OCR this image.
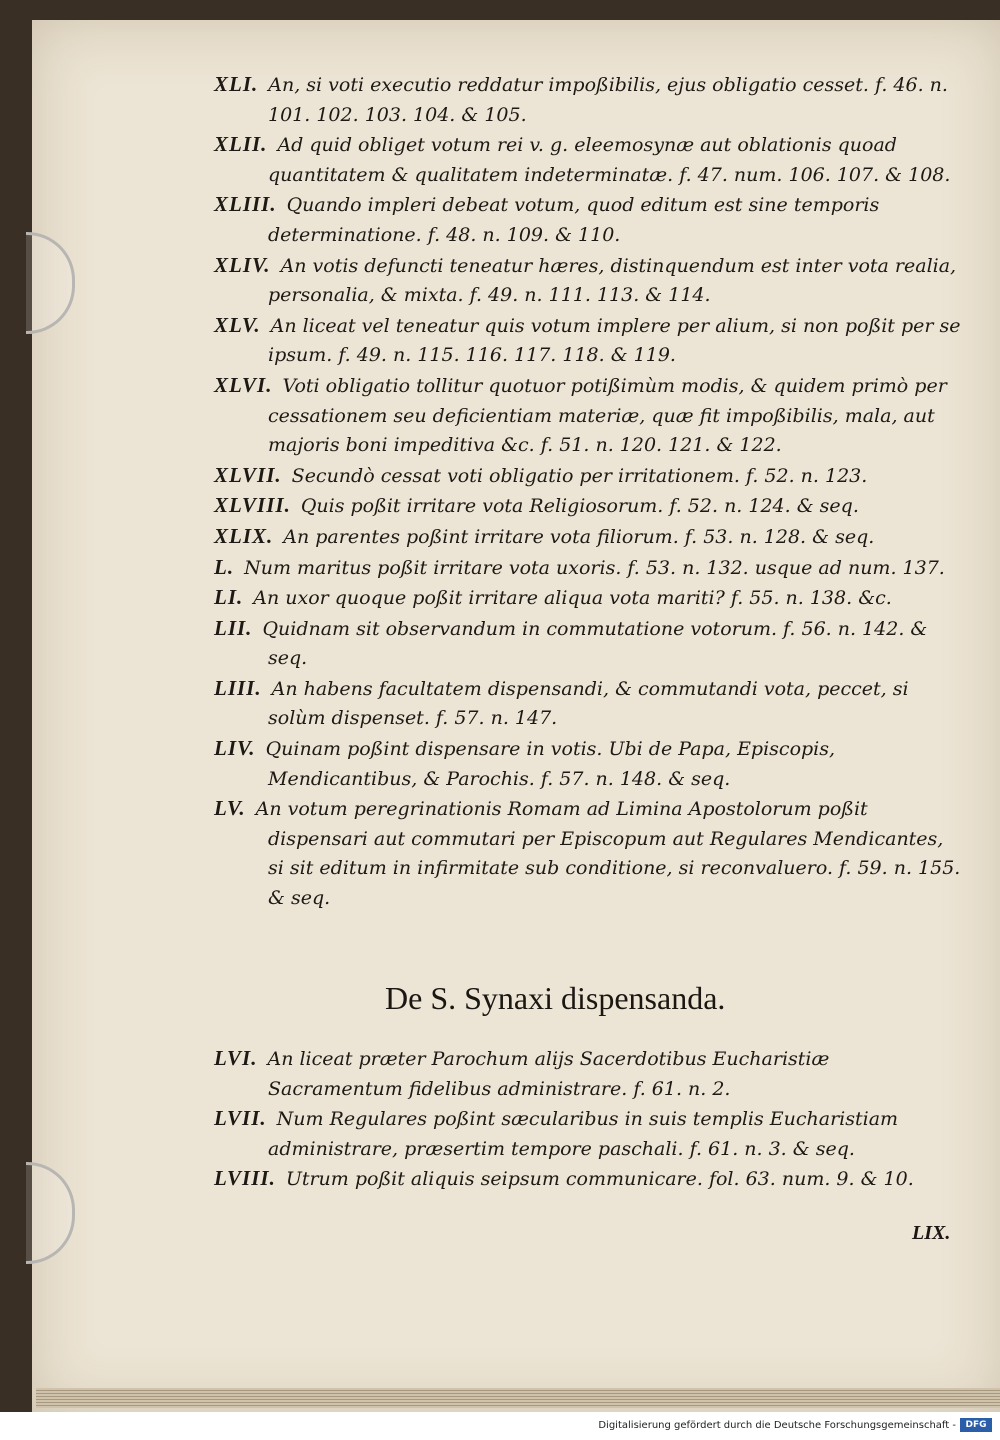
XLI. An, si voti executio reddatur impoßibilis, ejus obligatio cesset. f. 46. n. 101. 102. 103. 104. & 105.
XLII. Ad quid obliget votum rei v. g. eleemosynæ aut oblationis quoad quantitatem & qualitatem indeterminatæ. f. 47. num. 106. 107. & 108.
XLIII. Quando impleri debeat votum, quod editum est sine temporis determinatione. f. 48. n. 109. & 110.
XLIV. An votis defuncti teneatur hæres, distinquendum est inter vota realia, personalia, & mixta. f. 49. n. 111. 113. & 114.
XLV. An liceat vel teneatur quis votum implere per alium, si non poßit per se ipsum. f. 49. n. 115. 116. 117. 118. & 119.
XLVI. Voti obligatio tollitur quotuor potißimùm modis, & quidem primò per cessationem seu deficientiam materiæ, quæ fit impoßibilis, mala, aut majoris boni impeditiva &c. f. 51. n. 120. 121. & 122.
XLVII. Secundò cessat voti obligatio per irritationem. f. 52. n. 123.
XLVIII. Quis poßit irritare vota Religiosorum. f. 52. n. 124. & seq.
XLIX. An parentes poßint irritare vota filiorum. f. 53. n. 128. & seq.
L. Num maritus poßit irritare vota uxoris. f. 53. n. 132. usque ad num. 137.
LI. An uxor quoque poßit irritare aliqua vota mariti? f. 55. n. 138. &c.
LII. Quidnam sit observandum in commutatione votorum. f. 56. n. 142. & seq.
LIII. An habens facultatem dispensandi, & commutandi vota, peccet, si solùm dispenset. f. 57. n. 147.
LIV. Quinam poßint dispensare in votis. Ubi de Papa, Episcopis, Mendicantibus, & Parochis. f. 57. n. 148. & seq.
LV. An votum peregrinationis Romam ad Limina Apostolorum poßit dispensari aut commutari per Episcopum aut Regulares Mendicantes, si sit editum in infirmitate sub conditione, si reconvaluero. f. 59. n. 155. & seq.
De S. Synaxi dispensanda.
LVI. An liceat præter Parochum alijs Sacerdotibus Eucharistiæ Sacramentum fidelibus administrare. f. 61. n. 2.
LVII. Num Regulares poßint sæcularibus in suis templis Eucharistiam administrare, præsertim tempore paschali. f. 61. n. 3. & seq.
LVIII. Utrum poßit aliquis seipsum communicare. fol. 63. num. 9. & 10.
LIX.
Digitalisierung gefördert durch die Deutsche Forschungsgemeinschaft -	DFG
